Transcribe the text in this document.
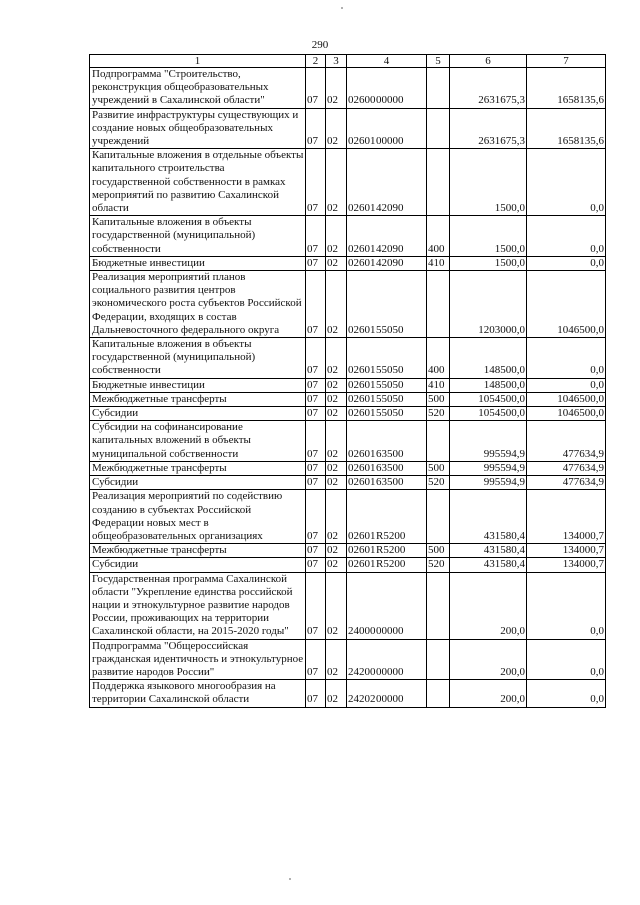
290
1	2	3	4	5	6	7
Подпрограмма "Строительство, реконструкция общеобразовательных учреждений в Сахалинской области"	07	02	0260000000		2631675,3	1658135,6
Развитие инфраструктуры существующих и создание новых общеобразовательных учреждений	07	02	0260100000		2631675,3	1658135,6
Капитальные вложения в отдельные объекты капитального строительства государственной собственности в рамках мероприятий по развитию Сахалинской области	07	02	0260142090		1500,0	0,0
Капитальные вложения в объекты государственной (муниципальной) собственности	07	02	0260142090	400	1500,0	0,0
Бюджетные инвестиции	07	02	0260142090	410	1500,0	0,0
Реализация мероприятий планов социального развития центров экономического роста субъектов Российской Федерации, входящих в состав Дальневосточного федерального округа	07	02	0260155050		1203000,0	1046500,0
Капитальные вложения в объекты государственной (муниципальной) собственности	07	02	0260155050	400	148500,0	0,0
Бюджетные инвестиции	07	02	0260155050	410	148500,0	0,0
Межбюджетные трансферты	07	02	0260155050	500	1054500,0	1046500,0
Субсидии	07	02	0260155050	520	1054500,0	1046500,0
Субсидии на софинансирование капитальных вложений в объекты муниципальной собственности	07	02	0260163500		995594,9	477634,9
Межбюджетные трансферты	07	02	0260163500	500	995594,9	477634,9
Субсидии	07	02	0260163500	520	995594,9	477634,9
Реализация мероприятий по содействию созданию в субъектах Российской Федерации новых мест в общеобразовательных организациях	07	02	02601R5200		431580,4	134000,7
Межбюджетные трансферты	07	02	02601R5200	500	431580,4	134000,7
Субсидии	07	02	02601R5200	520	431580,4	134000,7
Государственная программа Сахалинской области "Укрепление единства российской нации и этнокультурное развитие народов России, проживающих на территории Сахалинской области, на 2015-2020 годы"	07	02	2400000000		200,0	0,0
Подпрограмма "Общероссийская гражданская идентичность и этнокультурное развитие народов России"	07	02	2420000000		200,0	0,0
Поддержка языкового многообразия на территории Сахалинской области	07	02	2420200000		200,0	0,0
